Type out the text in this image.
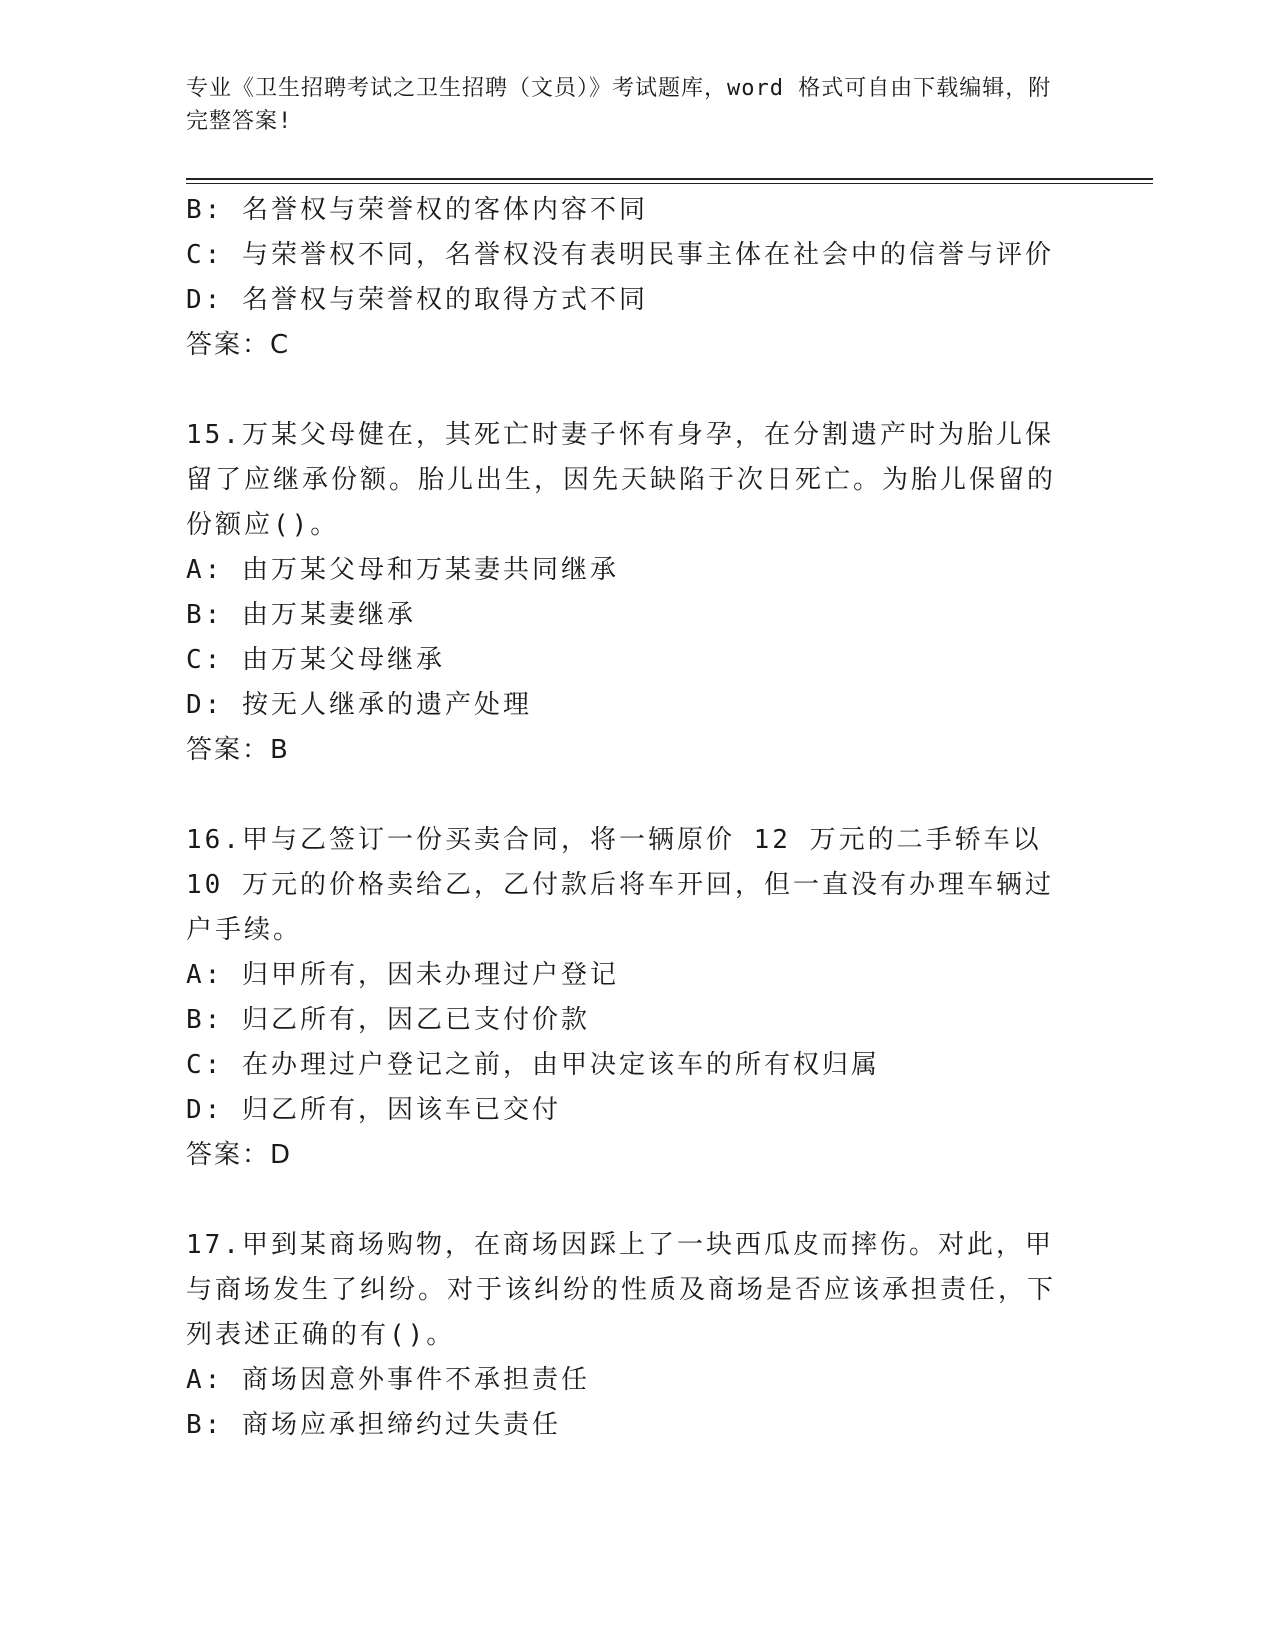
专业《卫生招聘考试之卫生招聘（文员）》考试题库，word 格式可自由下载编辑，附完整答案!
B: 名誉权与荣誉权的客体内容不同
C: 与荣誉权不同，名誉权没有表明民事主体在社会中的信誉与评价
D: 名誉权与荣誉权的取得方式不同
答案：C
15.万某父母健在，其死亡时妻子怀有身孕，在分割遗产时为胎儿保留了应继承份额。胎儿出生，因先天缺陷于次日死亡。为胎儿保留的份额应()。
A: 由万某父母和万某妻共同继承
B: 由万某妻继承
C: 由万某父母继承
D: 按无人继承的遗产处理
答案：B
16.甲与乙签订一份买卖合同，将一辆原价 12 万元的二手轿车以 10 万元的价格卖给乙，乙付款后将车开回，但一直没有办理车辆过户手续。
A: 归甲所有，因未办理过户登记
B: 归乙所有，因乙已支付价款
C: 在办理过户登记之前，由甲决定该车的所有权归属
D: 归乙所有，因该车已交付
答案：D
17.甲到某商场购物，在商场因踩上了一块西瓜皮而摔伤。对此，甲与商场发生了纠纷。对于该纠纷的性质及商场是否应该承担责任，下列表述正确的有()。
A: 商场因意外事件不承担责任
B: 商场应承担缔约过失责任
